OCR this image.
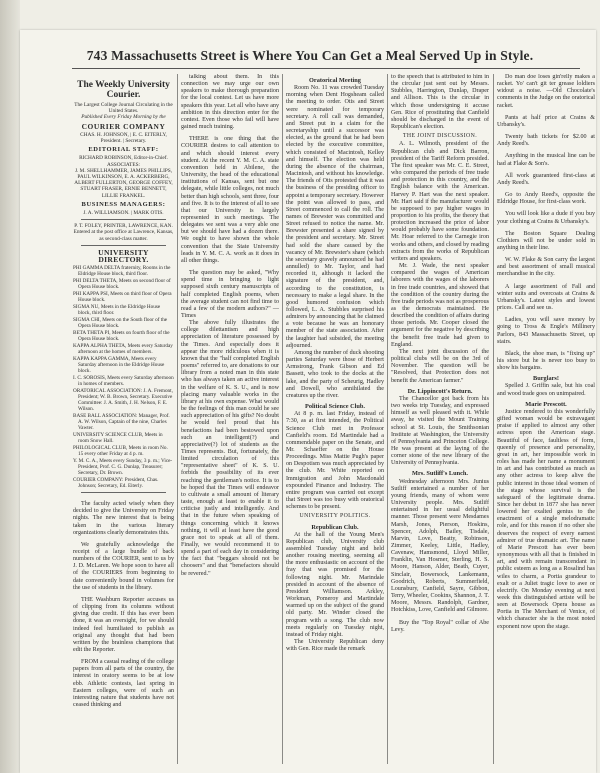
743 Massachusetts Street is Where You Can Get a Meal Served Up in Style.
The Weekly University Courier.
The Largest College Journal Circulating in the United States.
Published Every Friday Morning by the
COURIER COMPANY
CHAS. H. JOHNSON, | E. C. EITERLY, President. | Secretary.
EDITORIAL STAFF:
RICHARD ROBINSON, Editor-in-Chief. ASSOCIATES:
J. M. SHELLHAMMER, JAMES PHILLIPS, PAUL WILKINSON, E. A. ACKERBERG, ALBERT FULLERTON, GEORGE COFFEY, STUART FRASER, ERNIE BENNETT, LILLIE FRANKEL.
BUSINESS MANAGERS:
J. A. WILLIAMSON. | MARK OTIS.
P. T. FOLEY, PRINTER, LAWRENCE, KAN.
Entered at the post office at Lawrence, Kansas, as second-class matter.
UNIVERSITY DIRECTORY.
PHI GAMMA DELTA fraternity, Rooms in the Eldridge House block, third floor.
PHI DELTA THETA, Meets on second floor of Opera House block.
PHI KAPPA PSI, Meets on third floor of Opera House block.
SIGMA NU, Meets in the Eldridge House block, third floor.
SIGMA CHI, Meets on the South floor of the Opera House block.
BETA THETA PI, Meets on fourth floor of the Opera House block.
KAPPA ALPHA THETA, Meets every Saturday afternoon at the homes of members.
KAPPA KAPPA GAMMA, Meets every Saturday afternoon in the Eldridge House block.
I. C. SOROSIS, Meets every Saturday afternoon in homes of members.
ORATORICAL ASSOCIATION: J. A. Fremont, President; W. B. Brown, Secretary. Executive Committee: J. A. Smith, J. H. Nelson, F. E. Wilson.
BASE BALL ASSOCIATION: Manager, Prof. A. W. Wilson, Captain of the nine, Charles Vawter.
UNIVERSITY SCIENCE CLUB, Meets in room Snow Hall.
PHILOLOGICAL CLUB, Meets in room No. 15 every other Friday at 4 p. m.
Y. M. C. A., Meets every Sunday, 3 p. m.; Vice-President, Prof. C. G. Dunlap, Treasurer; Secretary, Dr. Brown.
COURIER COMPANY: President, Chas. Johnson; Secretary, Ed. Eiterly.

The faculty acted wisely when they decided to give the University on Friday nights. The new interest that is being taken in the various literary organizations clearly demonstrates this.

We gratefully acknowledge the receipt of a large bundle of back numbers of the COURIER, sent to us by J. D. McLaren. We hope soon to have all of the COURIERS from beginning to date conveniently bound in volumes for the use of students in the library.

THE Washburn Reporter accuses us of clipping from its columns without giving due credit. If this has ever been done, it was an oversight, for we should indeed feel humiliated to publish as original any thought that had been written by the brainless champions that edit the Reporter.

FROM a casual reading of the college papers from all parts of the country, the interest in oratory seems to be at low ebb. Athletic contests, last spring in Eastern colleges, were of such an interesting nature that students have not ceased thinking and

talking about them. In this connection we may urge our own speakers to make thorough preparation for the local contest. Let us have more speakers this year. Let all who have any ambition in this direction enter for the contest. Even those who fail will have gained much training.

THERE is one thing that the COURIER desires to call attention to and which should interest every student. At the recent Y. M. C. A. state convention held in Abilene, the University, the head of the educational institutions of Kansas, sent but one delegate, while little colleges, not much better than high schools, sent three, four and five. It is to the interest of all to see that our University is largely represented in such meetings. The delegates we sent was a very able one but we should have had a dozen there. We ought to have shown the whole convention that the State University leads in Y. M. C. A. work as it does in all other things.

The question may be asked, "Why spend time in bringing to light supposed sixth century manuscripts of half completed English poems, when the average student can not find time to read a few of the modern authors?" — Times

The above fully illustrates the college dilettantism and high appreciation of literature possessed by the Times. And especially does it appear the more ridiculous when it is known that the "half completed English poems" referred to, are donations to our library from a noted man in this state who has always taken an active interest in the welfare of K. S. U., and is now placing many valuable works in the library at his own expense. What would be the feelings of this man could he see such appreciation of his gifts? No doubt he would feel proud that his benefactions had been bestowed upon such an intelligent(?) and appreciative(?) lot of students as the Times represents. But, fortunately, the limited circulation of this "representative sheet" of K. S. U. forbids the possibility of its ever reaching the gentleman's notice. It is to be hoped that the Times will endeavor to cultivate a small amount of literary taste, enough at least to enable it to criticise justly and intelligently. And that in the future when speaking of things concerning which it knows nothing, it will at least have the good grace not to speak at all of them. Finally, we would recommend it to spend a part of each day in considering the fact that "beggars should not be choosers" and that "benefactors should be revered."

Oratorical Meeting

Room No. 11 was crowded Tuesday morning when Dent Hogsheam called the meeting to order. Otis and Street were nominated for temporary secretary. A roll call was demanded, and Street put in a claim for the secretaryship until a successor was elected, as the ground that he had been elected by the executive committee, which consisted of Macintosh, Kelley and himself. The election was held during the absence of the chairman, Macintosh, and without his knowledge. The friends of Otis protested that it was the business of the presiding officer to appoint a temporary secretary. However the point was allowed to pass, and Street commenced to call the roll. The names of Brewster was committed and Street refused to notice the name. Mr. Brewster presented a share signed by the president and secretary. Mr. Street had sold the share caused by the vacancy of Mr. Brewster's share (which the secretary gravely announced he had annulled) to Mr. Taylor, and had recorded it, although it lacked the signature of the president, and, according to the constitution, is necessary to make a legal share. In the good humored confusion which followed, L. A. Stubbles surprised his admirers by announcing that he claimed a vote because he was an honorary member of the state association. After the laughter had subsided, the meeting adjourned.

Among the number of duck shooting parties Saturday were those of Herbert Armstrong, Frank Gibson and Ed Bassett, who took to the docks at the lake, and the party of Scheurig, Hadley and Dowell, who annihilated the creatures up the river.

Political Science Club.

At 8 p. m. last Friday, instead of 7:30, as at first intended, the Political Science Club met in Professor Canfield's room. Ed Martindale had a commendable paper on the Senate, and Mr. Schaeffer on the House Proceedings. Miss Mattie Pugh's paper on Despotism was much appreciated by the club. Mr. White reported on Immigration and John Macdonald expounded Finance and Industry. The entire program was carried out except that Street was too busy with oratorical schemes to be present.

UNIVERSITY POLITICS.
Republican Club.

At the hall of the Young Men's Republican club, University club assembled Tuesday night and held another rousing meeting, seeming all the more enthusiastic on account of the fray that was promised for the following night. Mr. Marindale presided in account of the absence of President Williamson. Arkley, Workman, Pomeroy and Martindale warmed up on the subject of the grand old party. Mr. Winder closed the program with a song. The club now meets regularly on Tuesday night, instead of Friday night.

The University Republican deny with Gen. Rice made the remark

to the speech that is attributed to him in the circular just sent out by Messrs. Stubbles, Harrington, Dunlap, Draper and Allison. This is the circular in which those undersigning it accuse Gen. Rice of prostituting that Canfield should be discharged in the event of Republican's election.

THE JOINT DISCUSSION.

A. L. Wilmoth, president of the Republican club and Dick Barron, president of the Tariff Reform presided. The first speaker was Mr. C. E. Street, who compared the periods of free trade and protection in this country, and the English balance with the American. Harvey P. Hart was the next speaker. Mr. Hart said if the manufacturer would be supposed to pay higher wages in proportion to his profits, the theory that protection increased the price of labor would probably have some foundation. Mr. Hoar referred to the Carnegie iron works and others, and closed by reading extracts from the works of Republican writers and speakers.

Mr. J. Wade, the next speaker compared the wages of American laborers with the wages of the laborers in free trade countries, and showed that the condition of the country during the free trade periods was not as prosperous as the democrats maintained. He described the condition of affairs during those periods. Mr. Cooper closed the argument for the negative by describing the benefit free trade had given to England.

The next joint discussion of the political clubs will be on the 3rd of November. The question will be "Resolved, that Protection does not benefit the American farmer."

Dr. Lippincott's Return.

The Chancellor got back from his two weeks trip Tuesday, and expressed himself as well pleased with it. While away, he visited the Mount Training school at St. Louis, the Smithsonian Institute at Washington, the University of Pennsylvania and Princeton College. He was present at the laying of the corner stone of the new library of the University of Pennsylvania.

Mrs. Sutliff's Lunch.

Wednesday afternoon Mrs. Junius Sutliff entertained a number of her young friends, many of whom were University people. Mrs. Sutliff entertained in her usual delightful manner. Those present were Mesdames Marsh, Jones, Pierson, Hoskins, Spencer, Adolph, Bailey, Tisdale, Marvin, Love, Beatty, Robinson, Zimmer, Keeley, Little, Hadley, Cavenaw, Hamsmond, Lloyd Miller, Franklin, Van Hosmer, Sterling, H. S. Moore, Hanson, Alder, Beath, Cuyer, Sinclair, Bowersock, Lankemann, Goodrich, Roberts, Summerfield, Lounsbury, Canfield, Sayre, Gibbon, Terry, Wheeler, Cookins, Shannon, J. T. Moore, Messrs. Randolph, Gardner, Hotchkiss, Love, Canfield and Gilmore.

Buy the "Top Royal" collar of Abe Levy.

Do man doe loses gin'relly makes a racket. Yo' can't git ter grease loldiers widout a noise. —Old Chocolate's comments in the Judge on the oratorical racket.

Pants at half price at Crains & Urbansky's.

Twenty bath tickets for $2.00 at Andy Reed's.

Anything in the musical line can be had at Flake & Son's.

All work guaranteed first-class at Andy Reed's.

Go to Andy Reed's, opposite the Eldridge House, for first-class work.

You will look like a dude if you buy your clothing at Crains & Urbansky's.

The Boston Square Dealing Clothiers will not be under sold in anything in their line.

W. W. Flake & Son carry the largest and best assortment of small musical merchandise in the city.

A large assortment of Fall and winter suits and overcoats at Crains & Urbansky's. Latest styles and lowest prices. Call and see us.

Ladies, you will save money by going to Tross & Engle's Millinery Parlors, 843 Massachusetts Street, up stairs.

Black, the shoe man, is "fixing up" his store but he is never too busy to show his bargains.

Burglars!

Spelled J. Griffin sale, but his coal and wood trade goes on unimpaired.

Marie Prescott.

Justice rendered to this wonderfully gifted woman would be extravagant praise if applied to almost any other actress upon the American stage. Beautiful of face, faultless of form, queenly of presence and personality, great in art, her impossible work in roles has made her name a monument in art and has contributed as much as any other actress to keep alive the public interest in those ideal women of the stage whose survival is the safeguard of the legitimate drama. Since her debut in 1877 she has never lowered her exalted genius to the enactment of a single melodramatic role, and for this reason if no other she deserves the respect of every earnest admirer of true dramatic art. The name of Marie Prescott has ever been synonymous with all that is finished in art, and with remain transcendant in public esteem as long as a Rosalind has wiles to charm, a Portia grandeur to exalt or a Juliet tragic love to awe or electrify. On Monday evening at next week this distinguished artiste will be seen at Bowersock Opera house as Portia in The Merchant of Venice, of which character she is the most noted exponent now upon the stage.
